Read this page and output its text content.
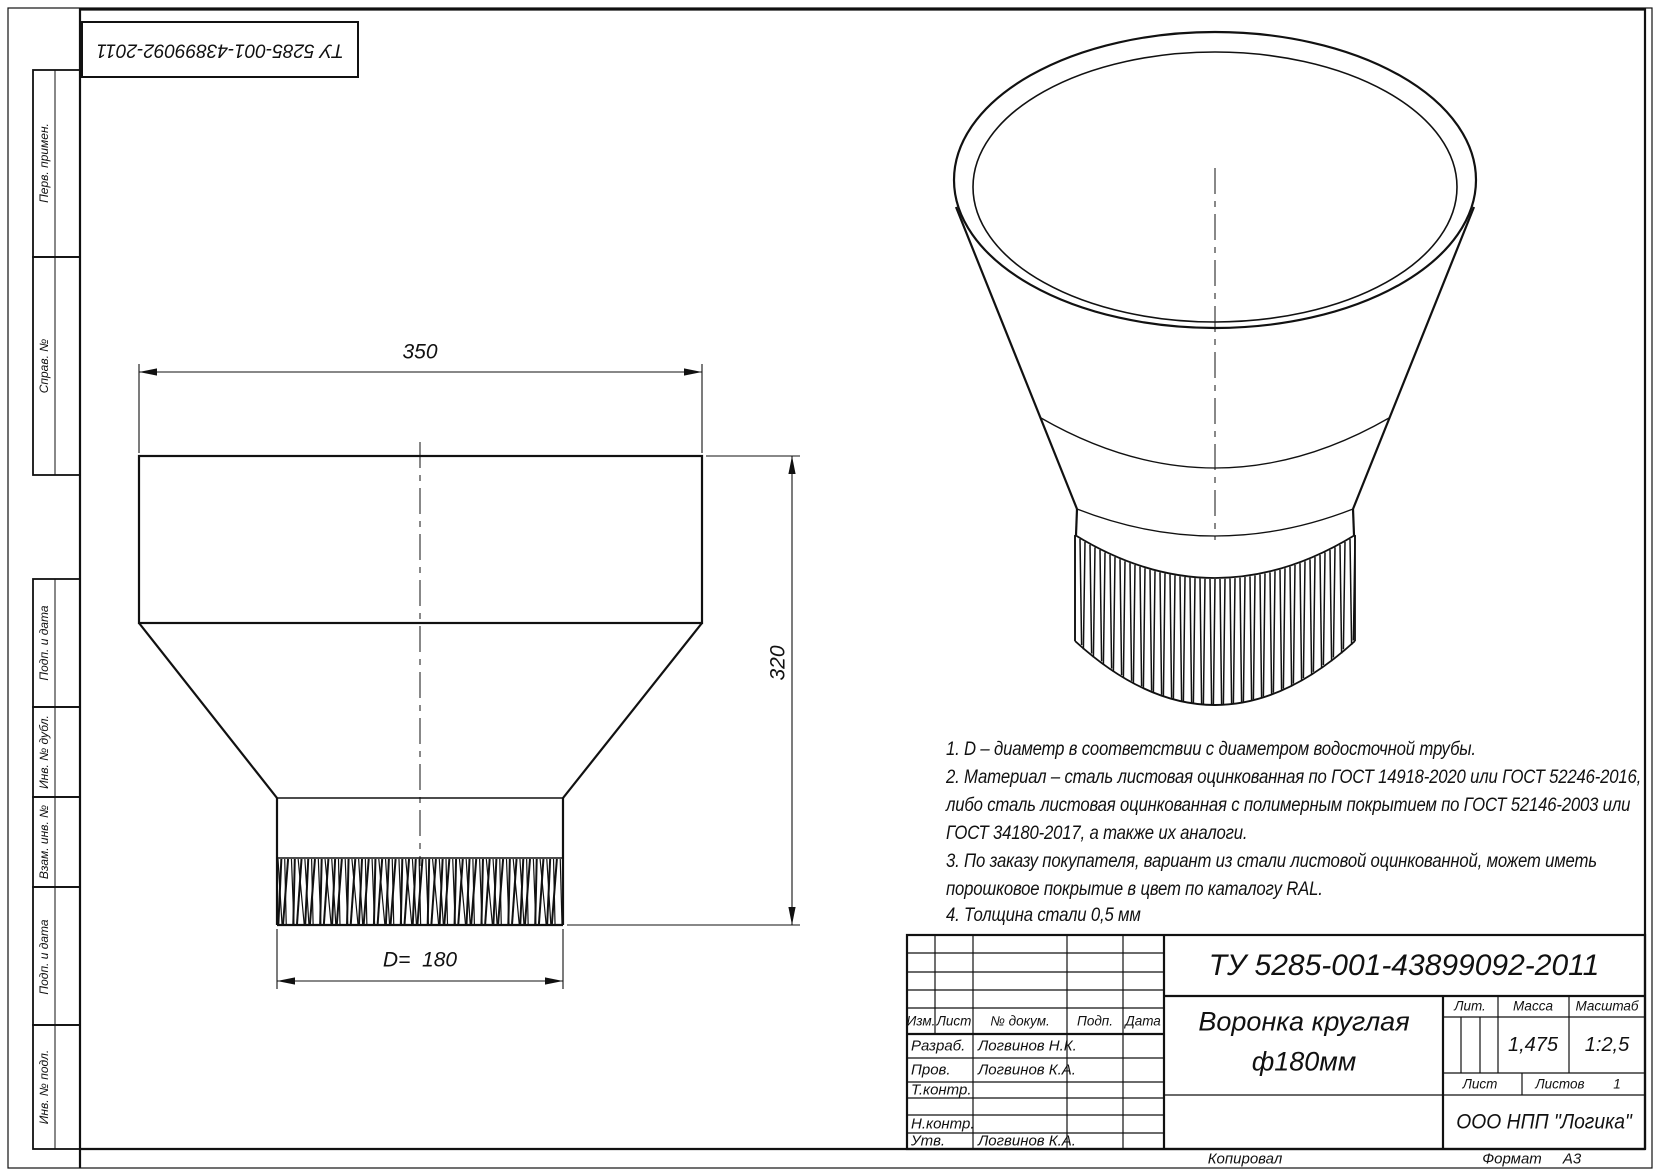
ТУ 5285-001-43899092-2011
Перв. примен.
Справ. №
Подп. и дата
Инв. № дубл.
Взам. инв. №
Подп. и дата
Инв. № подл.
350
320
D=  180
1. D – диаметр в соответствии с диаметром водосточной трубы.
2. Материал – сталь листовая оцинкованная по ГОСТ 14918-2020 или ГОСТ 52246-2016,
либо сталь листовая оцинкованная с полимерным покрытием по ГОСТ 52146-2003 или
ГОСТ 34180-2017, а также их аналоги.
3. По заказу покупателя, вариант из стали листовой оцинкованной, может иметь
порошковое покрытие в цвет по каталогу RAL.
4. Толщина стали 0,5 мм
Изм. Лист № докум. Подп. Дата
Разраб.
Пров.
Т.контр.
Н.контр.
Утв.
Логвинов Н.К.
Логвинов К.А.
Логвинов К.А.
ТУ 5285-001-43899092-2011
Воронка круглая
ф180мм
Лит. Масса Масштаб
1,475 1:2,5
Лист	Листов 1
ООО НПП "Логика"
Копировал	Формат А3
